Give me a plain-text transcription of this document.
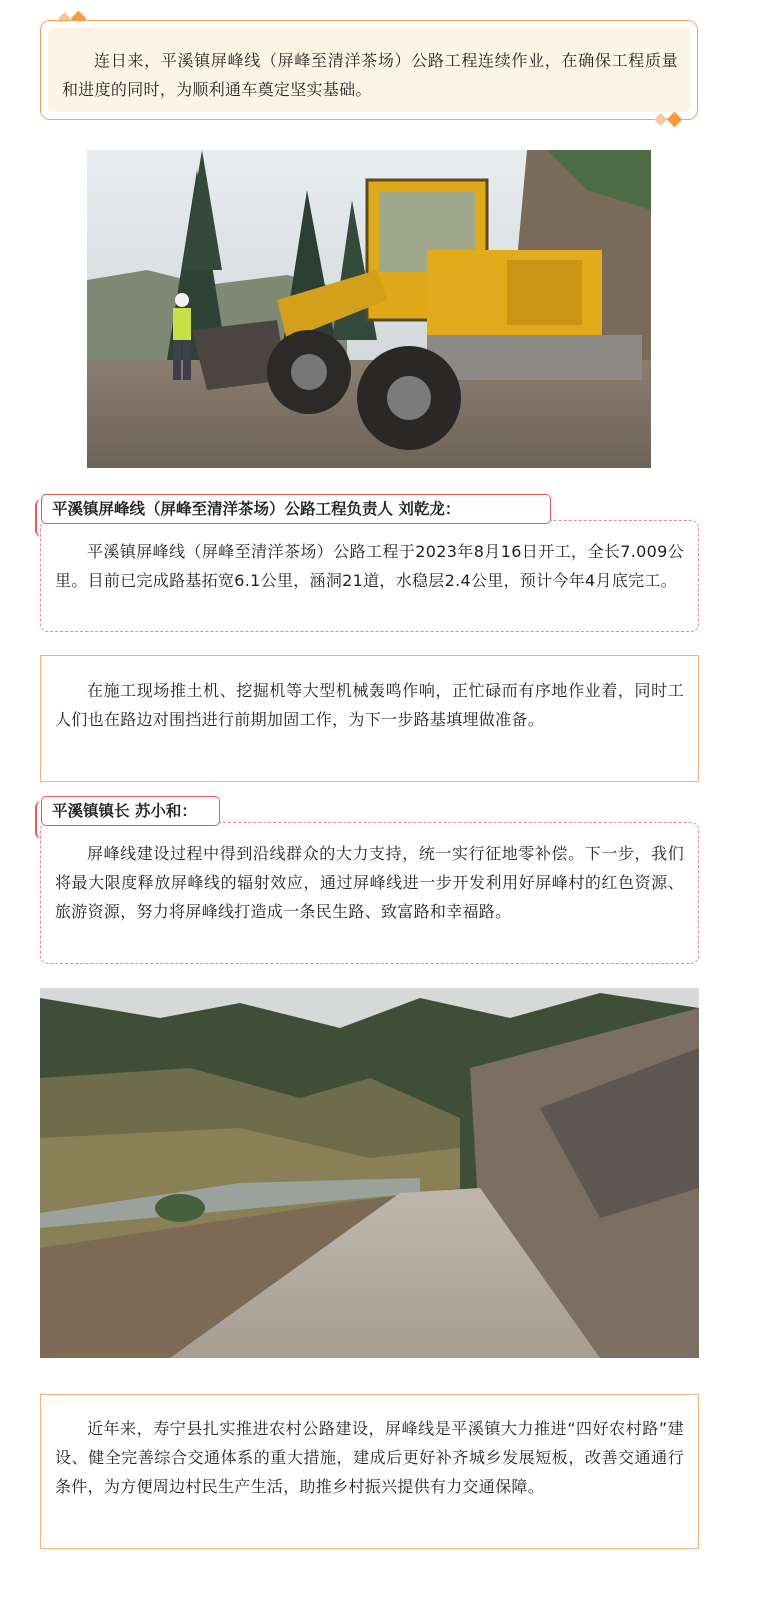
连日来，平溪镇屏峰线（屏峰至清洋茶场）公路工程连续作业，在确保工程质量和进度的同时，为顺利通车奠定坚实基础。

平溪镇屏峰线（屏峰至清洋茶场）公路工程负责人 刘乾龙：

平溪镇屏峰线（屏峰至清洋茶场）公路工程于2023年8月16日开工，全长7.009公里。目前已完成路基拓宽6.1公里，涵洞21道，水稳层2.4公里，预计今年4月底完工。

在施工现场推土机、挖掘机等大型机械轰鸣作响，正忙碌而有序地作业着，同时工人们也在路边对围挡进行前期加固工作，为下一步路基填埋做准备。

平溪镇镇长 苏小和：

屏峰线建设过程中得到沿线群众的大力支持，统一实行征地零补偿。下一步，我们将最大限度释放屏峰线的辐射效应，通过屏峰线进一步开发利用好屏峰村的红色资源、旅游资源，努力将屏峰线打造成一条民生路、致富路和幸福路。

近年来，寿宁县扎实推进农村公路建设，屏峰线是平溪镇大力推进“四好农村路”建设、健全完善综合交通体系的重大措施，建成后更好补齐城乡发展短板，改善交通通行条件，为方便周边村民生产生活，助推乡村振兴提供有力交通保障。
